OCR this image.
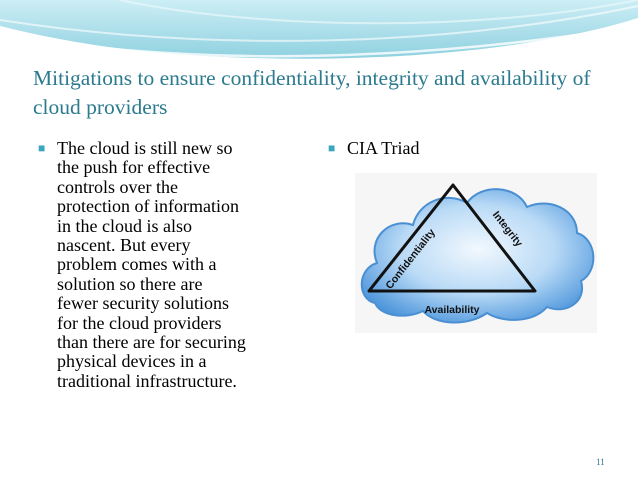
Mitigations to ensure confidentiality, integrity and availability of cloud providers
■ The cloud is still new so
the push for effective
controls over the
protection of information
in the cloud is also
nascent. But every
problem comes with a
solution so there are
fewer security solutions
for the cloud providers
than there are for securing
physical devices in a
traditional infrastructure.
■ CIA Triad
Confidentiality	Integrity
Availability
11
